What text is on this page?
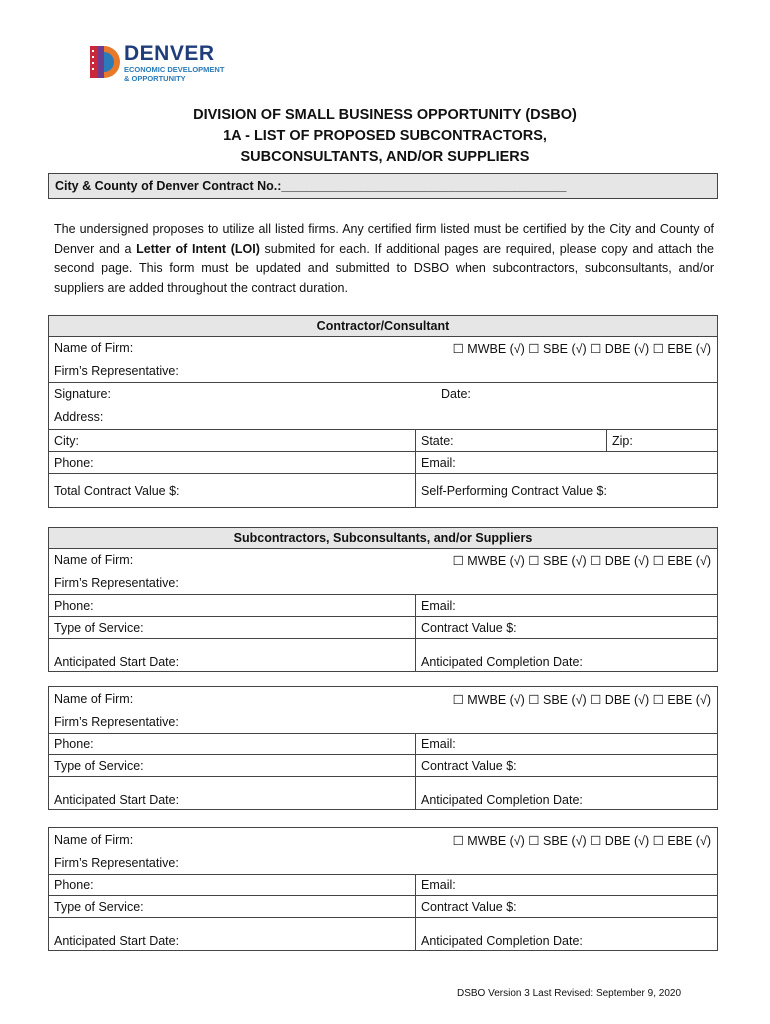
DENVER
ECONOMIC DEVELOPMENT
& OPPORTUNITY
DIVISION OF SMALL BUSINESS OPPORTUNITY (DSBO)
1A - LIST OF PROPOSED SUBCONTRACTORS,
SUBCONSULTANTS, AND/OR SUPPLIERS
City & County of Denver Contract No.:_________________________________________
The undersigned proposes to utilize all listed firms. Any certified firm listed must be certified by the City and County of Denver and a Letter of Intent (LOI) submited for each. If additional pages are required, please copy and attach the second page. This form must be updated and submitted to DSBO when subcontractors, subconsultants, and/or suppliers are added throughout the contract duration.
Contractor/Consultant
Name of Firm:	☐ MWBE (√) ☐ SBE (√) ☐ DBE (√) ☐ EBE (√)
Firm’s Representative:
Signature:	Date:
Address:
City:	State:	Zip:
Phone:	Email:
Total Contract Value $:	Self-Performing Contract Value $:
Subcontractors, Subconsultants, and/or Suppliers
Name of Firm:	☐ MWBE (√) ☐ SBE (√) ☐ DBE (√) ☐ EBE (√)
Firm’s Representative:
Phone:	Email:
Type of Service:	Contract Value $:
Anticipated Start Date:	Anticipated Completion Date:
Name of Firm:	☐ MWBE (√) ☐ SBE (√) ☐ DBE (√) ☐ EBE (√)
Firm’s Representative:
Phone:	Email:
Type of Service:	Contract Value $:
Anticipated Start Date:	Anticipated Completion Date:
Name of Firm:	☐ MWBE (√) ☐ SBE (√) ☐ DBE (√) ☐ EBE (√)
Firm’s Representative:
Phone:	Email:
Type of Service:	Contract Value $:
Anticipated Start Date:	Anticipated Completion Date:
DSBO Version 3 Last Revised: September 9, 2020
